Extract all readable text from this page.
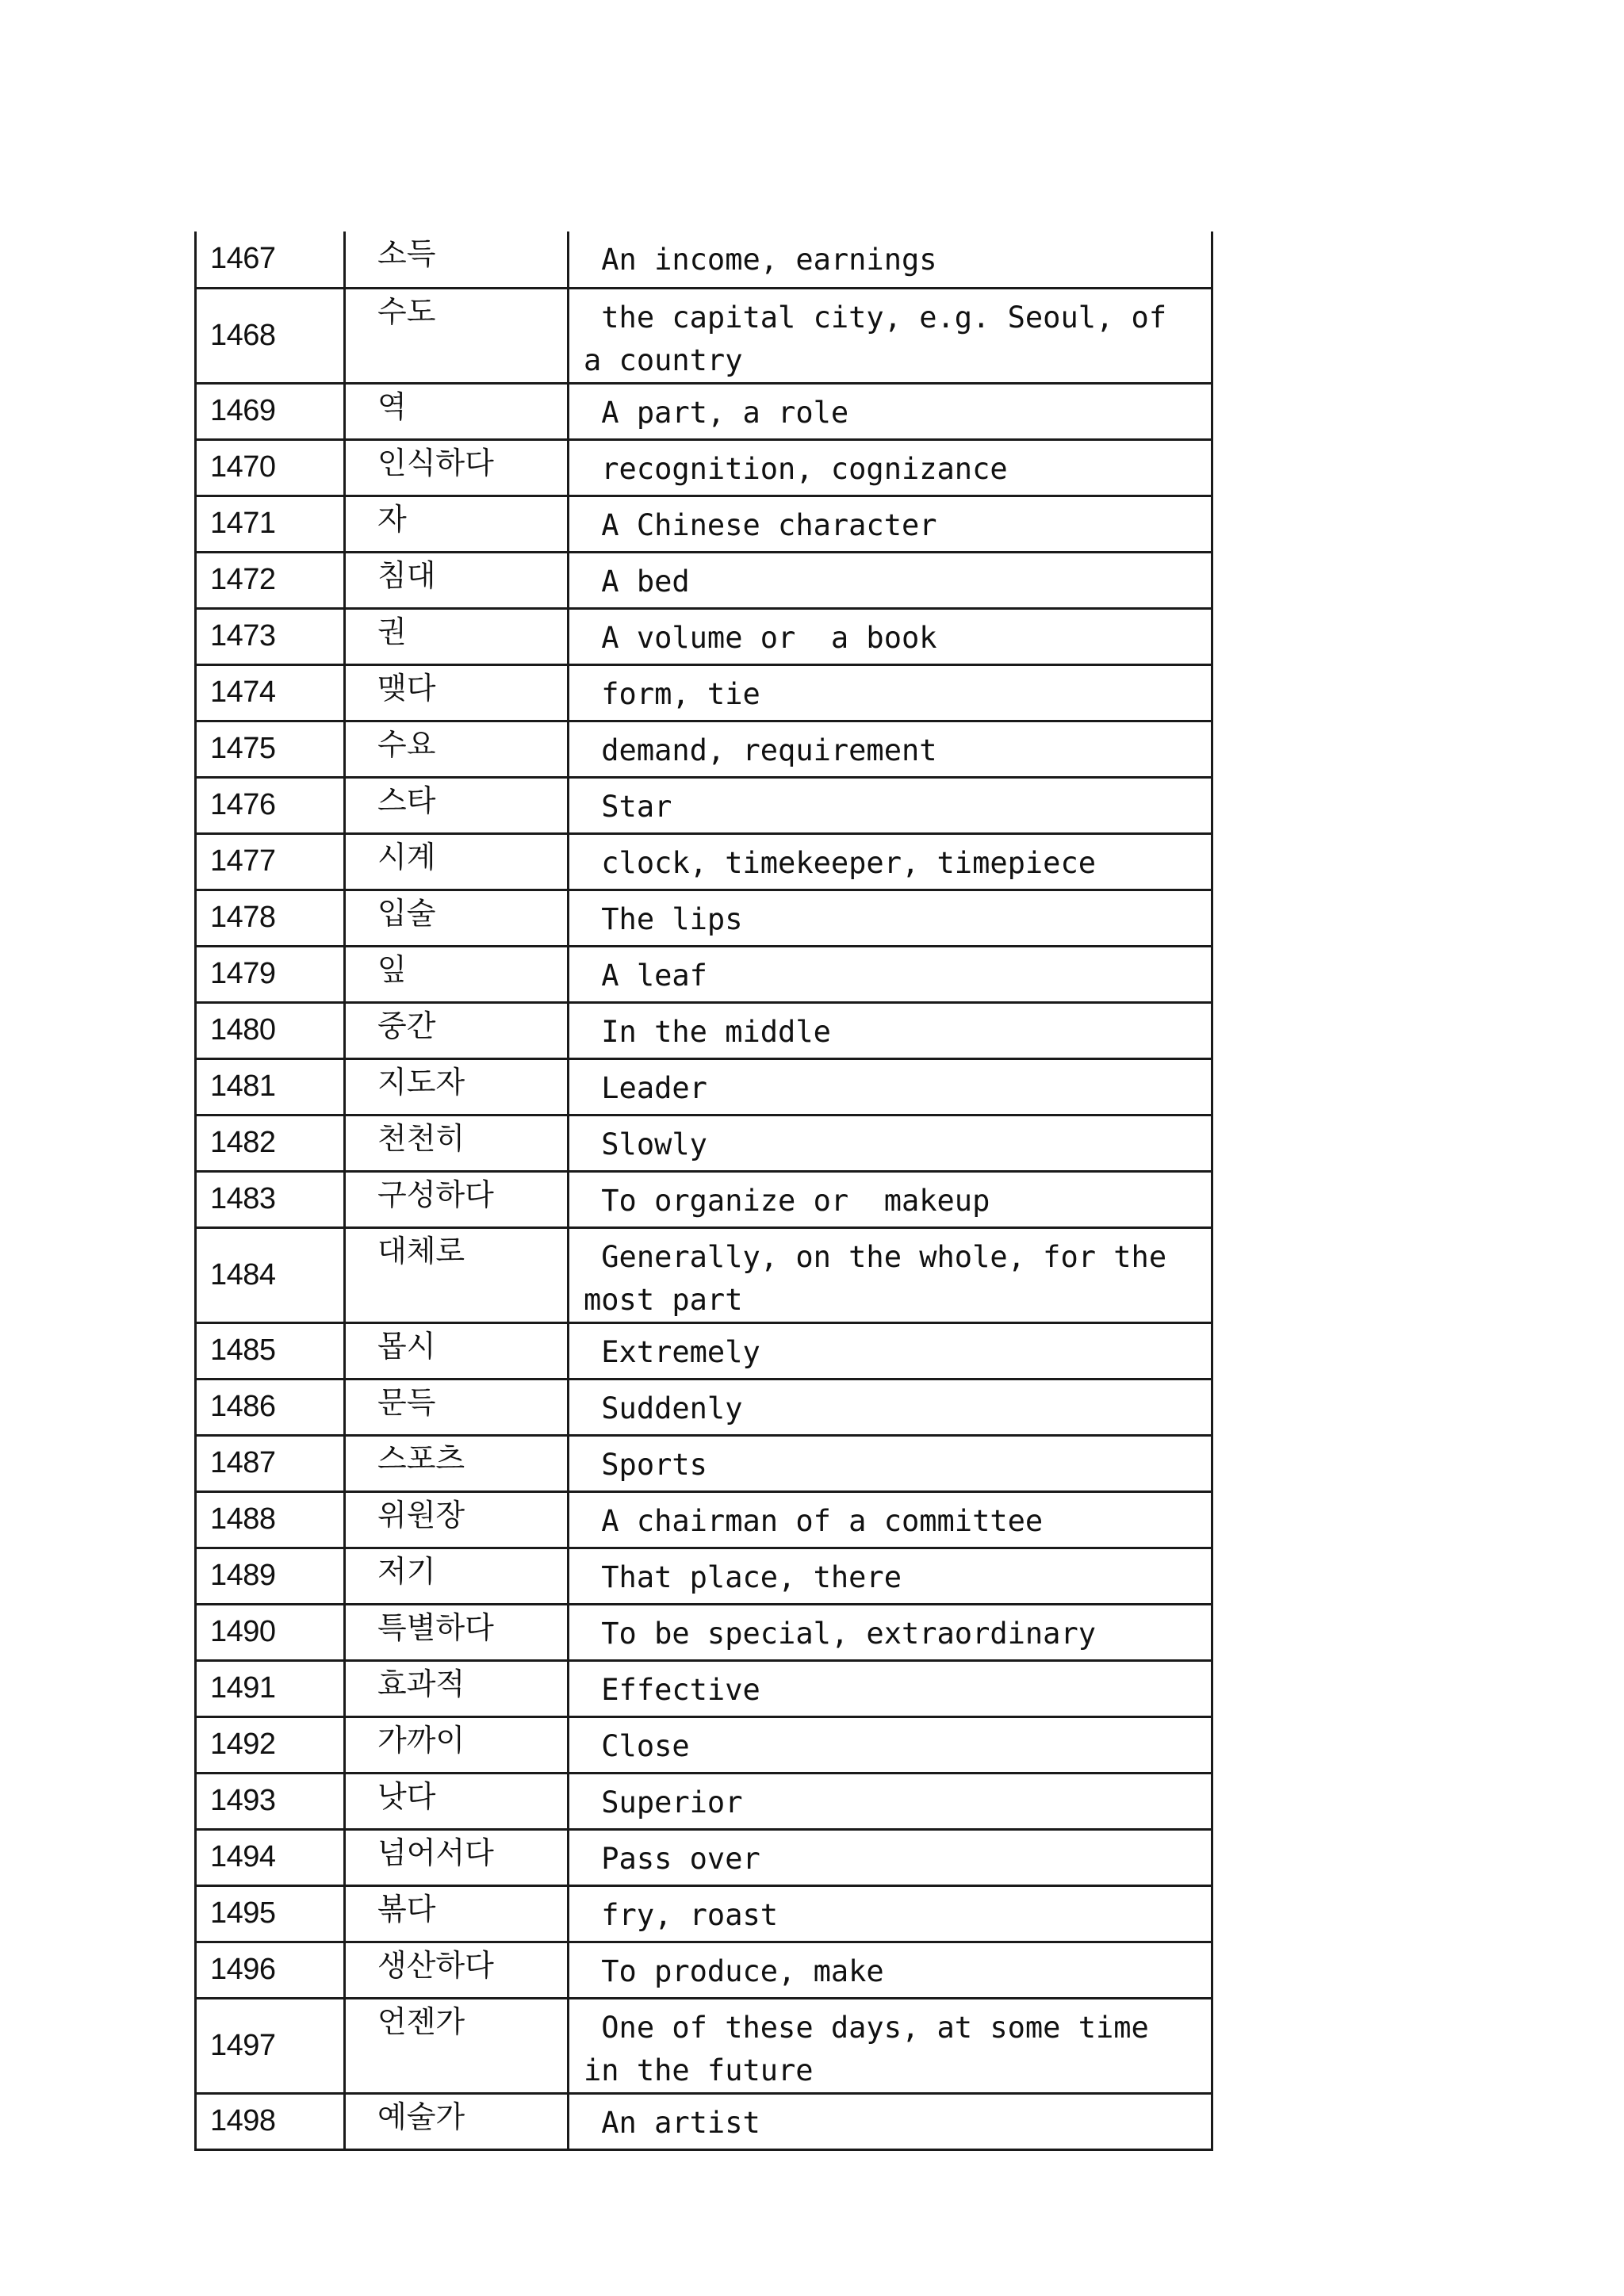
1467	소득	An income, earnings
1468	수도	the capital city, e.g. Seoul, of a country
1469	역	A part, a role
1470	인식하다	recognition, cognizance
1471	자	A Chinese character
1472	침대	A bed
1473	권	A volume or  a book
1474	맺다	form, tie
1475	수요	demand, requirement
1476	스타	Star
1477	시계	clock, timekeeper, timepiece
1478	입술	The lips
1479	잎	A leaf
1480	중간	In the middle
1481	지도자	Leader
1482	천천히	Slowly
1483	구성하다	To organize or  makeup
1484	대체로	Generally, on the whole, for the most part
1485	몹시	Extremely
1486	문득	Suddenly
1487	스포츠	Sports
1488	위원장	A chairman of a committee
1489	저기	That place, there
1490	특별하다	To be special, extraordinary
1491	효과적	Effective
1492	가까이	Close
1493	낫다	Superior
1494	넘어서다	Pass over
1495	볶다	fry, roast
1496	생산하다	To produce, make
1497	언젠가	One of these days, at some time in the future
1498	예술가	An artist
